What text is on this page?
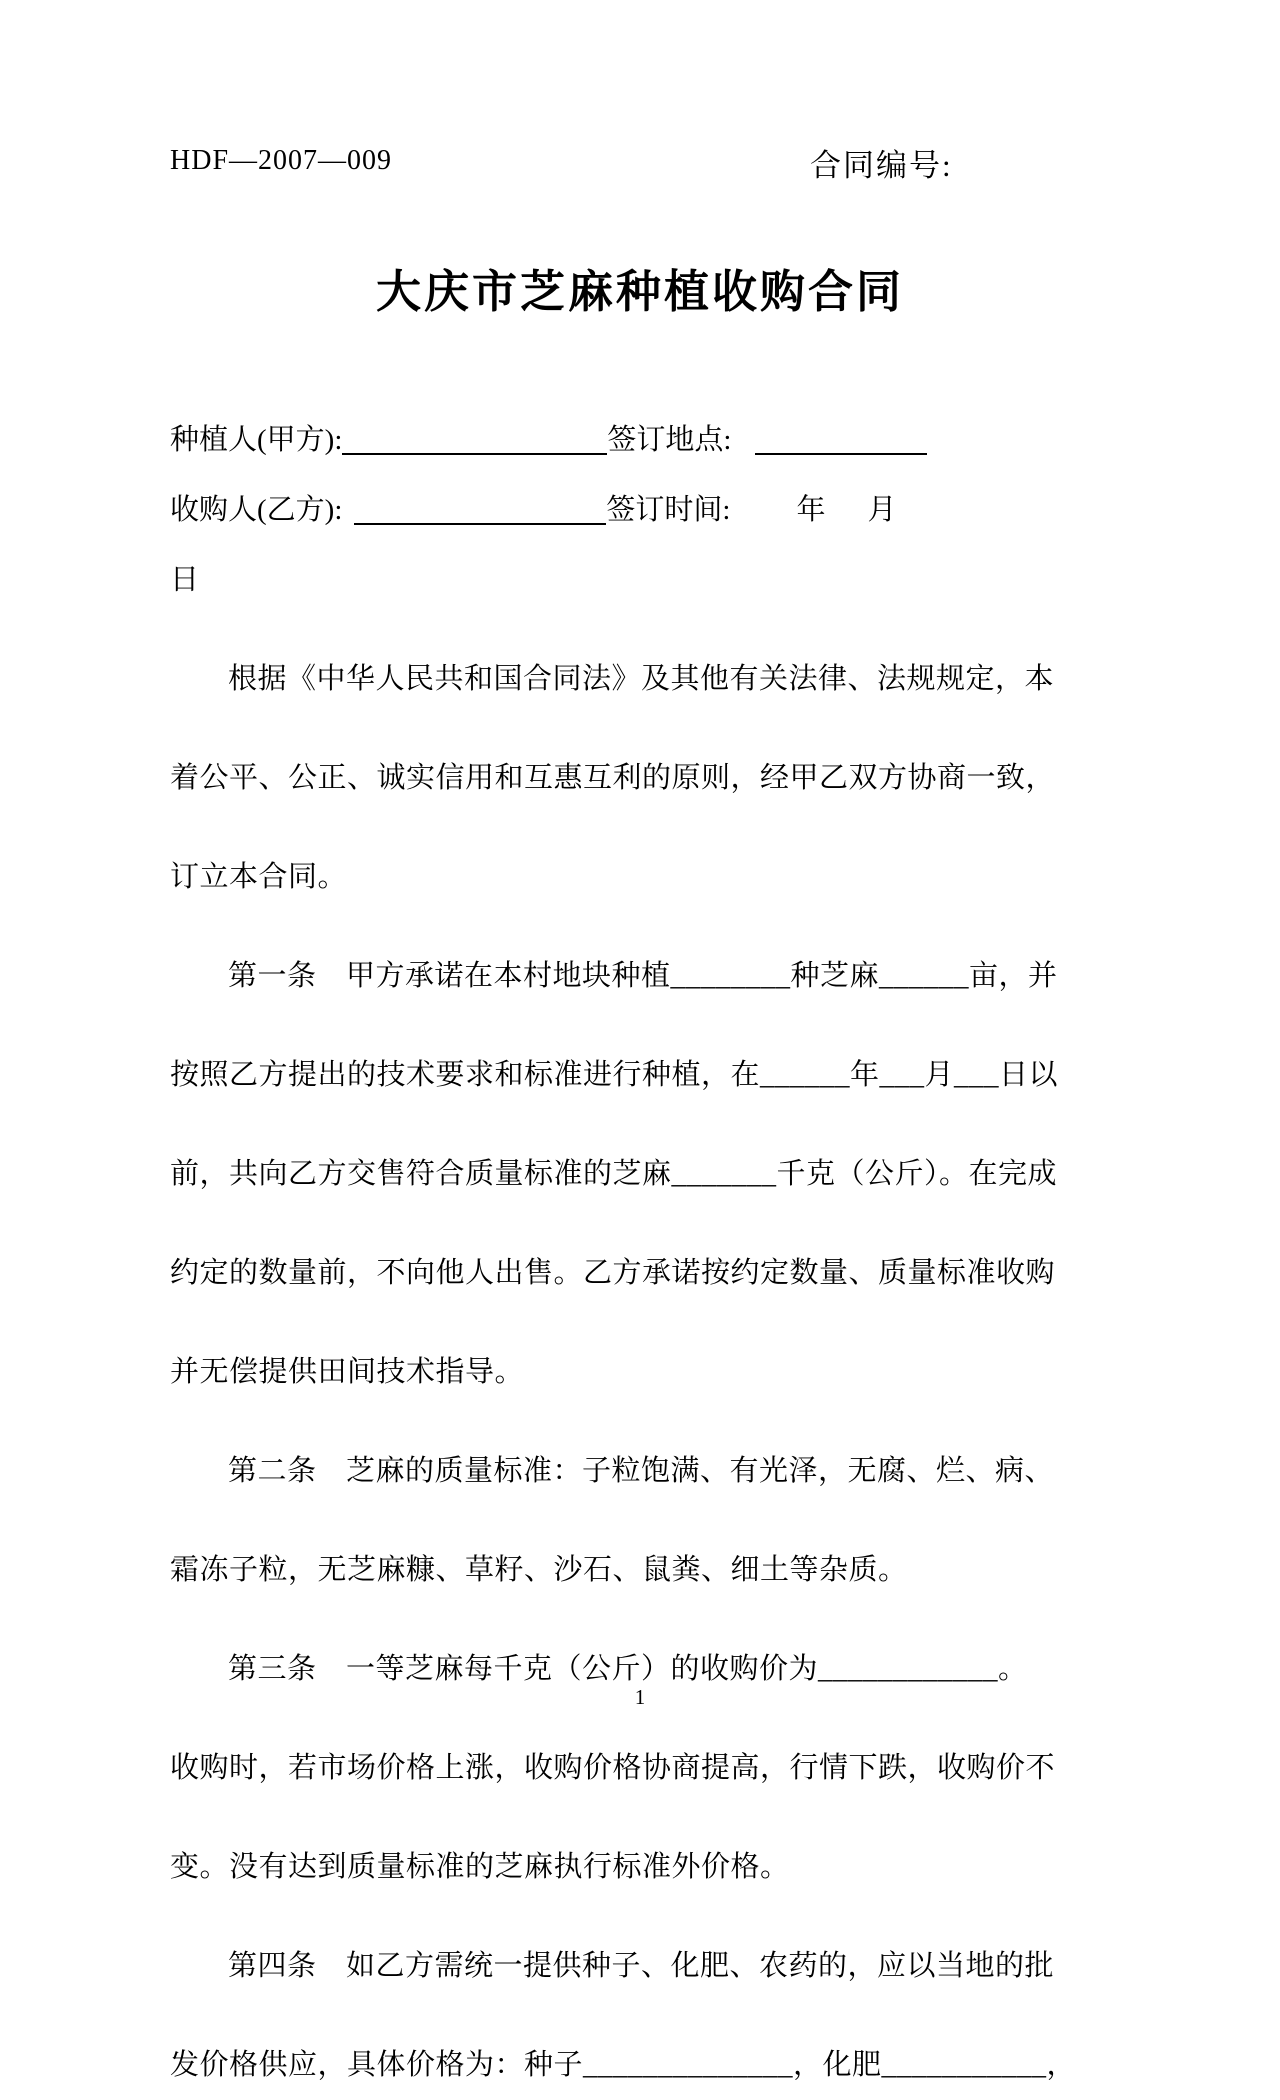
HDF—2007—009	合同编号:
大庆市芝麻种植收购合同
种植人(甲方):	签订地点:
收购人(乙方):	签订时间: 年 月
日

根据《中华人民共和国合同法》及其他有关法律、法规规定，本

着公平、公正、诚实信用和互惠互利的原则，经甲乙双方协商一致，

订立本合同。

第一条　甲方承诺在本村地块种植________种芝麻______亩，并

按照乙方提出的技术要求和标准进行种植，在______年___月___日以

前，共向乙方交售符合质量标准的芝麻_______千克（公斤）。在完成

约定的数量前，不向他人出售。乙方承诺按约定数量、质量标准收购

并无偿提供田间技术指导。

第二条　芝麻的质量标准：子粒饱满、有光泽，无腐、烂、病、

霜冻子粒，无芝麻糠、草籽、沙石、鼠粪、细土等杂质。

第三条　一等芝麻每千克（公斤）的收购价为____________。

收购时，若市场价格上涨，收购价格协商提高，行情下跌，收购价不

变。没有达到质量标准的芝麻执行标准外价格。

第四条　如乙方需统一提供种子、化肥、农药的，应以当地的批

发价格供应，具体价格为：种子______________，化肥___________，

1
